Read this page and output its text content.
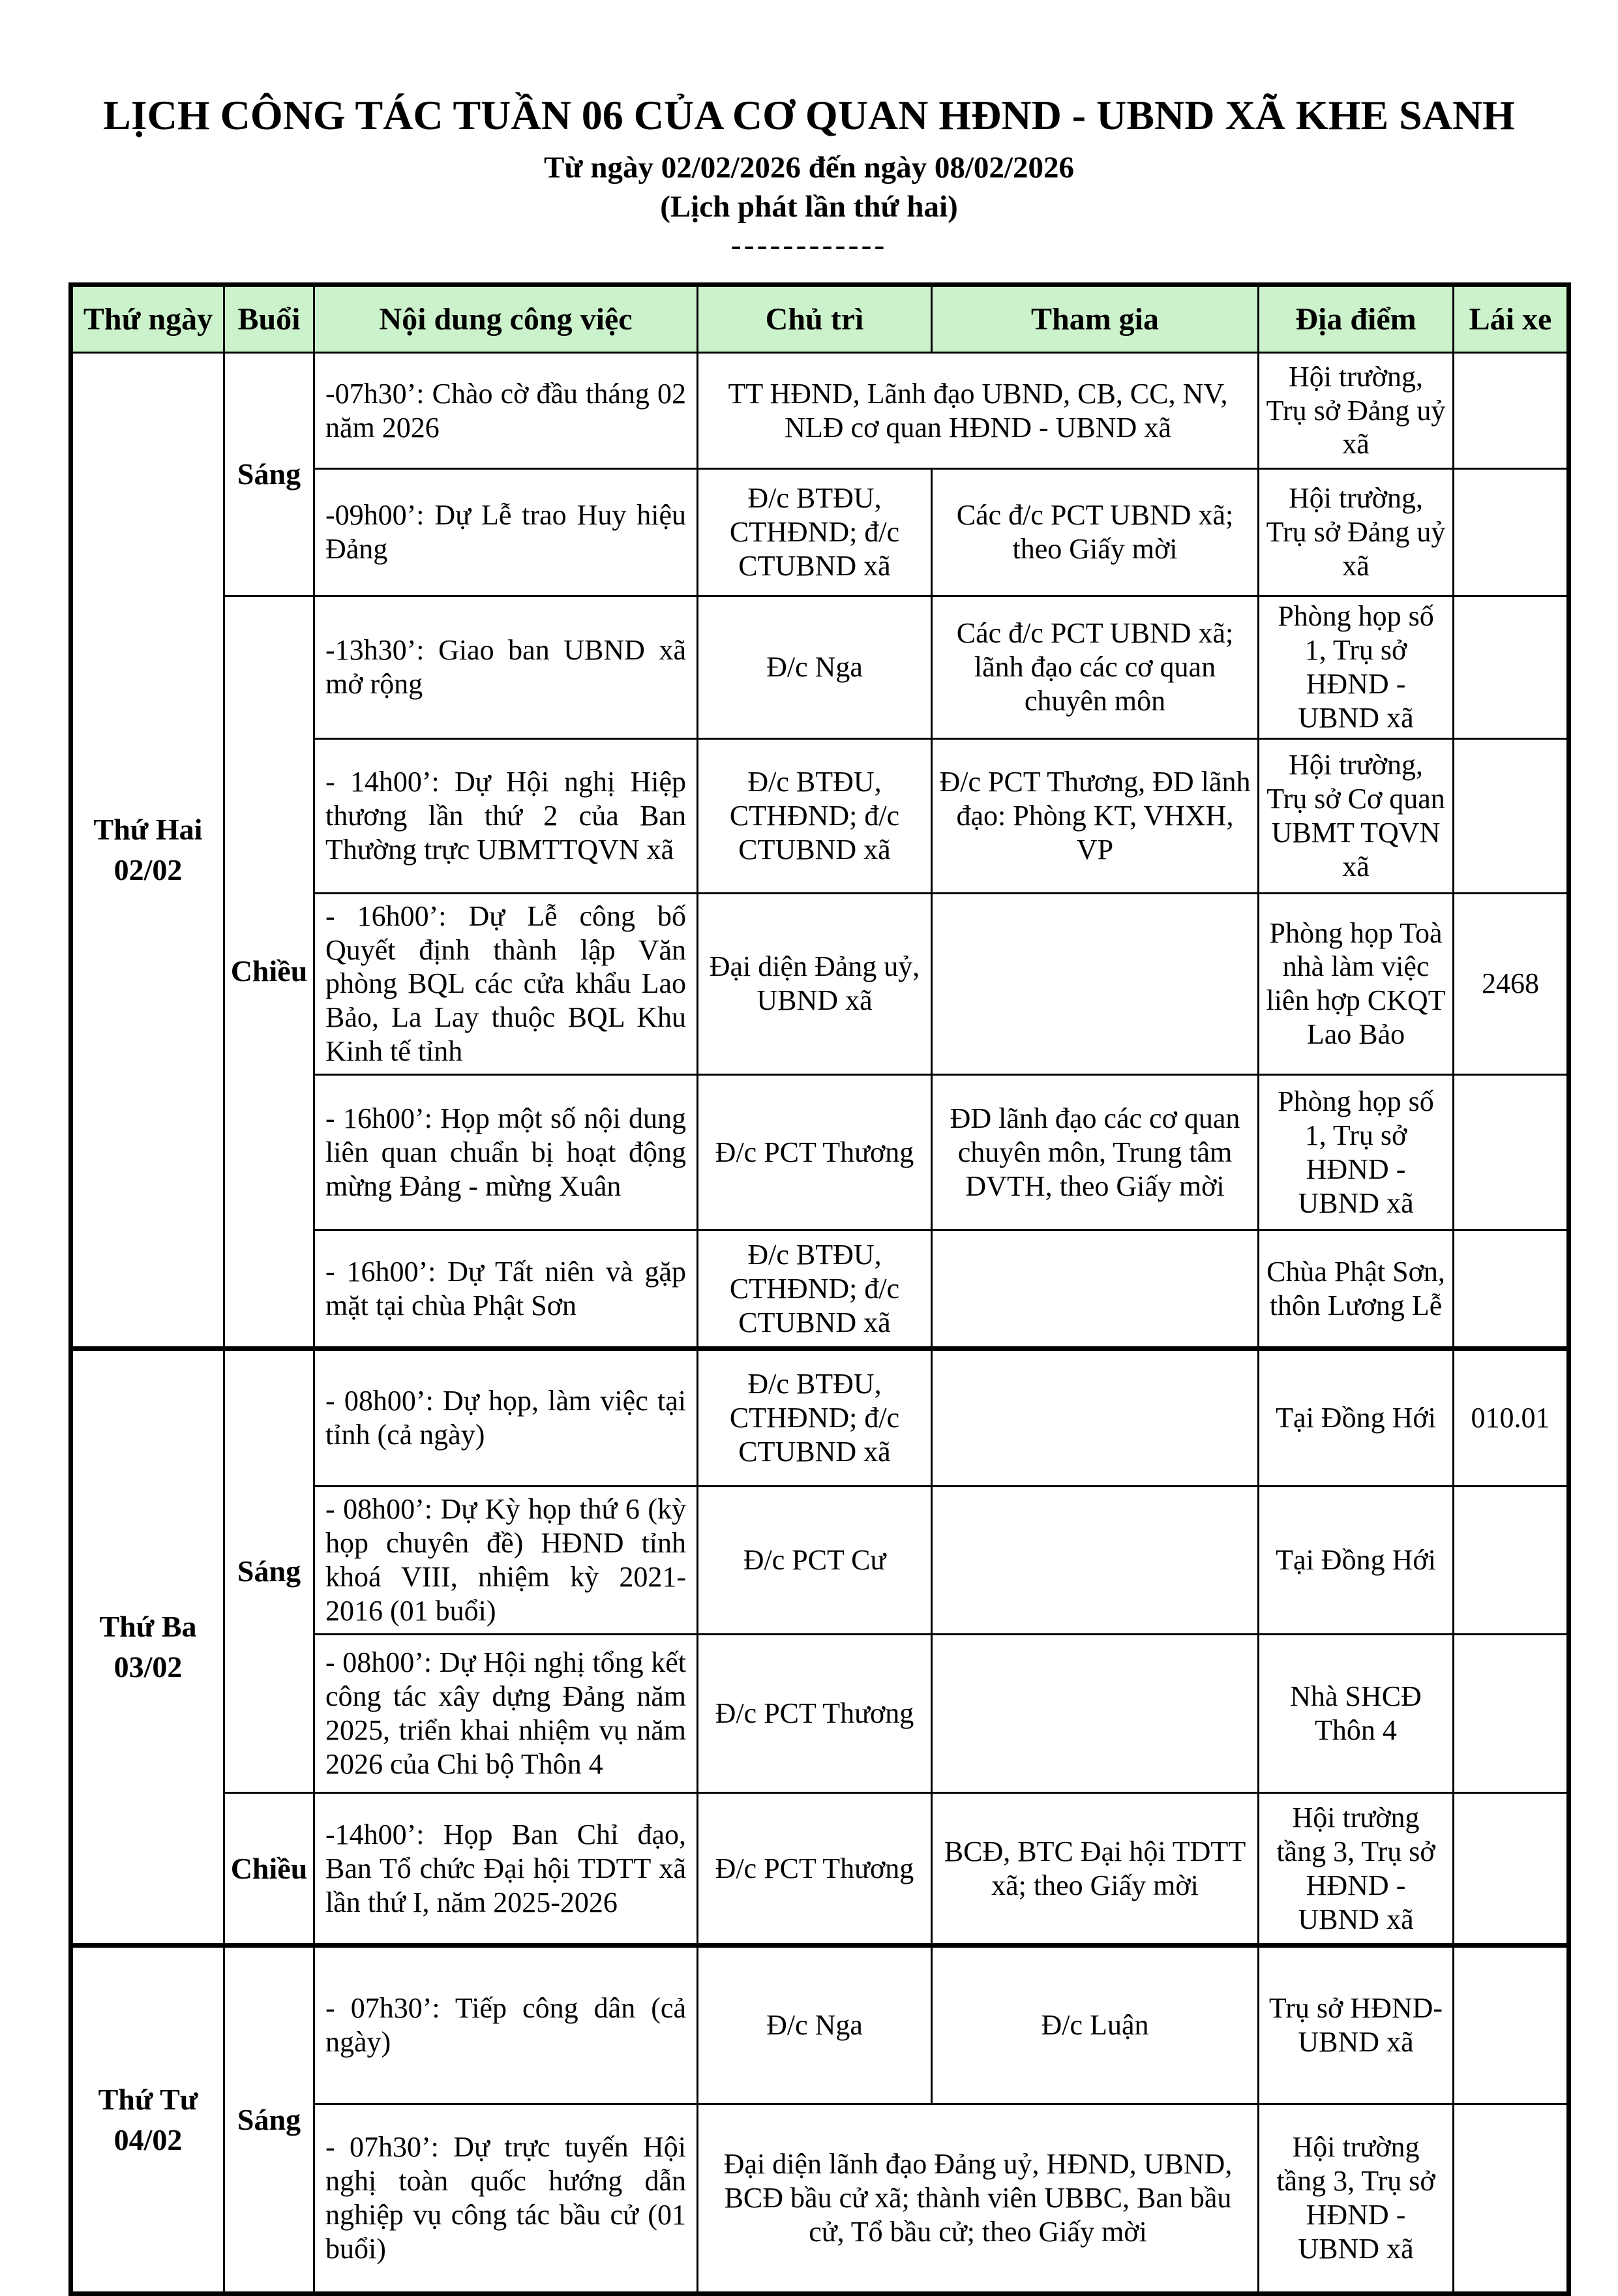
LỊCH CÔNG TÁC TUẦN 06 CỦA CƠ QUAN HĐND - UBND XÃ KHE SANH
Từ ngày 02/02/2026 đến ngày 08/02/2026
(Lịch phát lần thứ hai)
------------
Thứ ngày	Buổi	Nội dung công việc	Chủ trì	Tham gia	Địa điểm	Lái xe

Thứ Hai
02/02	Sáng	-07h30’: Chào cờ đầu tháng 02 năm 2026	TT HĐND, Lãnh đạo UBND, CB, CC, NV, NLĐ cơ quan HĐND - UBND xã		Hội trường, Trụ sở Đảng uỷ xã	
		-09h00’: Dự Lễ trao Huy hiệu Đảng	Đ/c BTĐU, CTHĐND; đ/c CTUBND xã	Các đ/c PCT UBND xã; theo Giấy mời	Hội trường, Trụ sở Đảng uỷ xã	
	Chiều	-13h30’: Giao ban UBND xã mở rộng	Đ/c Nga	Các đ/c PCT UBND xã; lãnh đạo các cơ quan chuyên môn	Phòng họp số 1, Trụ sở HĐND - UBND xã	
		- 14h00’: Dự Hội nghị Hiệp thương lần thứ 2 của Ban Thường trực UBMTTQVN xã	Đ/c BTĐU, CTHĐND; đ/c CTUBND xã	Đ/c PCT Thương, ĐD lãnh đạo: Phòng KT, VHXH, VP	Hội trường, Trụ sở Cơ quan UBMT TQVN xã	
		- 16h00’: Dự Lễ công bố Quyết định thành lập Văn phòng BQL các cửa khẩu Lao Bảo, La Lay thuộc BQL Khu Kinh tế tỉnh	Đại diện Đảng uỷ, UBND xã		Phòng họp Toà nhà làm việc liên hợp CKQT Lao Bảo	2468
		- 16h00’: Họp một số nội dung liên quan chuẩn bị hoạt động mừng Đảng - mừng Xuân	Đ/c PCT Thương	ĐD lãnh đạo các cơ quan chuyên môn, Trung tâm DVTH, theo Giấy mời	Phòng họp số 1, Trụ sở HĐND - UBND xã	
		- 16h00’: Dự Tất niên và gặp mặt tại chùa Phật Sơn	Đ/c BTĐU, CTHĐND; đ/c CTUBND xã		Chùa Phật Sơn, thôn Lương Lễ	

Thứ Ba
03/02	Sáng	- 08h00’: Dự họp, làm việc tại tỉnh (cả ngày)	Đ/c BTĐU, CTHĐND; đ/c CTUBND xã		Tại Đồng Hới	010.01
		- 08h00’: Dự Kỳ họp thứ 6 (kỳ họp chuyên đề) HĐND tỉnh khoá VIII, nhiệm kỳ 2021-2016 (01 buổi)	Đ/c PCT Cư		Tại Đồng Hới	
		- 08h00’: Dự Hội nghị tổng kết công tác xây dựng Đảng năm 2025, triển khai nhiệm vụ năm 2026 của Chi bộ Thôn 4	Đ/c PCT Thương		Nhà SHCĐ Thôn 4	
	Chiều	-14h00’: Họp Ban Chỉ đạo, Ban Tổ chức Đại hội TDTT xã lần thứ I, năm 2025-2026	Đ/c PCT Thương	BCĐ, BTC Đại hội TDTT xã; theo Giấy mời	Hội trường tầng 3, Trụ sở HĐND - UBND xã	

Thứ Tư
04/02	Sáng	- 07h30’: Tiếp công dân (cả ngày)	Đ/c Nga	Đ/c Luận	Trụ sở HĐND- UBND xã	
		- 07h30’: Dự trực tuyến Hội nghị toàn quốc hướng dẫn nghiệp vụ công tác bầu cử (01 buổi)	Đại diện lãnh đạo Đảng uỷ, HĐND, UBND, BCĐ bầu cử xã; thành viên UBBC, Ban bầu cử, Tổ bầu cử; theo Giấy mời		Hội trường tầng 3, Trụ sở HĐND - UBND xã	
